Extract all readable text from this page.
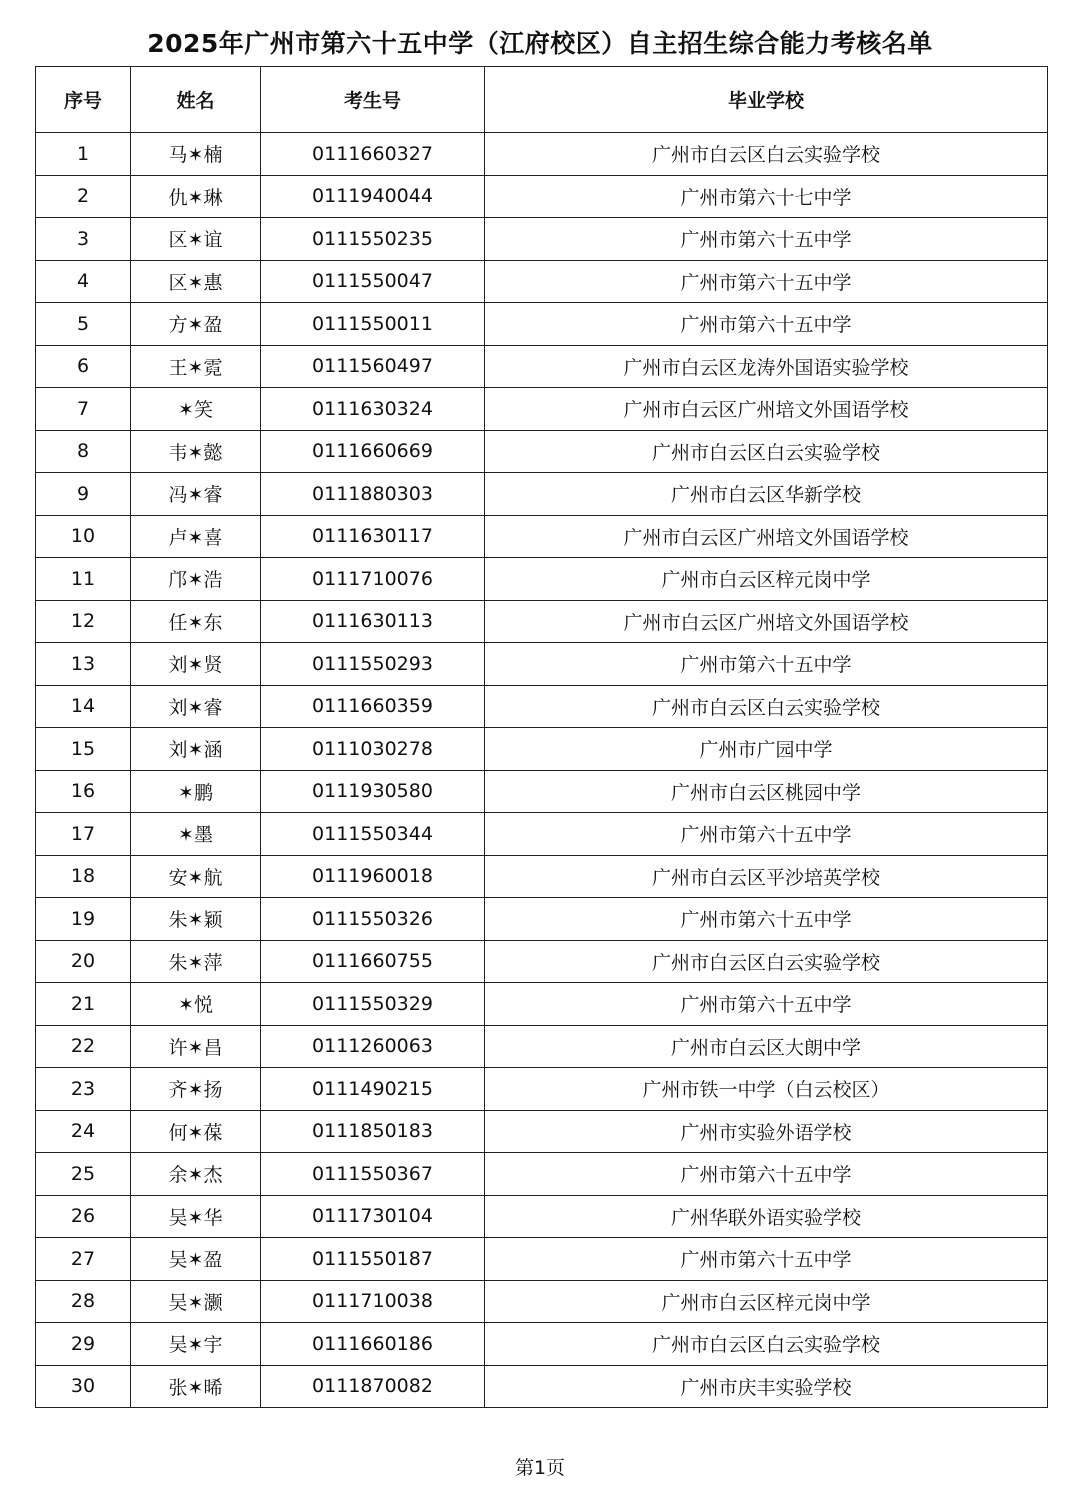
2025年广州市第六十五中学（江府校区）自主招生综合能力考核名单
序号	姓名	考生号	毕业学校
1	马✶楠	0111660327	广州市白云区白云实验学校
2	仇✶琳	0111940044	广州市第六十七中学
3	区✶谊	0111550235	广州市第六十五中学
4	区✶惠	0111550047	广州市第六十五中学
5	方✶盈	0111550011	广州市第六十五中学
6	王✶霓	0111560497	广州市白云区龙涛外国语实验学校
7	✶笑	0111630324	广州市白云区广州培文外国语学校
8	韦✶懿	0111660669	广州市白云区白云实验学校
9	冯✶睿	0111880303	广州市白云区华新学校
10	卢✶喜	0111630117	广州市白云区广州培文外国语学校
11	邝✶浩	0111710076	广州市白云区梓元岗中学
12	任✶东	0111630113	广州市白云区广州培文外国语学校
13	刘✶贤	0111550293	广州市第六十五中学
14	刘✶睿	0111660359	广州市白云区白云实验学校
15	刘✶涵	0111030278	广州市广园中学
16	✶鹏	0111930580	广州市白云区桃园中学
17	✶墨	0111550344	广州市第六十五中学
18	安✶航	0111960018	广州市白云区平沙培英学校
19	朱✶颖	0111550326	广州市第六十五中学
20	朱✶萍	0111660755	广州市白云区白云实验学校
21	✶悦	0111550329	广州市第六十五中学
22	许✶昌	0111260063	广州市白云区大朗中学
23	齐✶扬	0111490215	广州市铁一中学（白云校区）
24	何✶葆	0111850183	广州市实验外语学校
25	余✶杰	0111550367	广州市第六十五中学
26	吴✶华	0111730104	广州华联外语实验学校
27	吴✶盈	0111550187	广州市第六十五中学
28	吴✶灏	0111710038	广州市白云区梓元岗中学
29	吴✶宇	0111660186	广州市白云区白云实验学校
30	张✶晞	0111870082	广州市庆丰实验学校
第1页
